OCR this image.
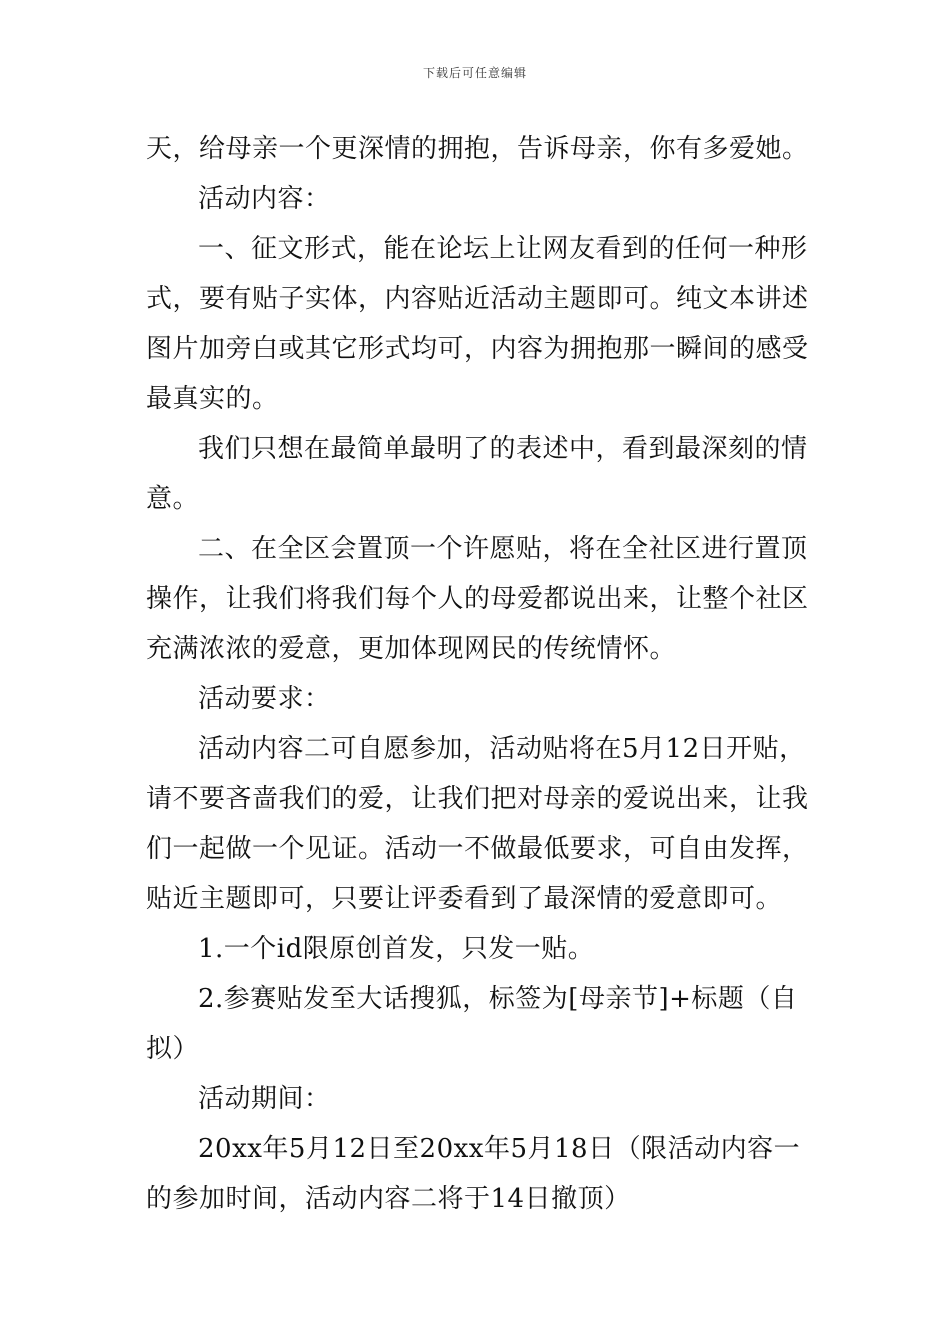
下载后可任意编辑
天，给母亲一个更深情的拥抱，告诉母亲，你有多爱她。
活动内容：
一、征文形式，能在论坛上让网友看到的任何一种形
式，要有贴子实体，内容贴近活动主题即可。纯文本讲述
图片加旁白或其它形式均可，内容为拥抱那一瞬间的感受
最真实的。
我们只想在最简单最明了的表述中，看到最深刻的情
意。
二、在全区会置顶一个许愿贴，将在全社区进行置顶
操作，让我们将我们每个人的母爱都说出来，让整个社区
充满浓浓的爱意，更加体现网民的传统情怀。
活动要求：
活动内容二可自愿参加，活动贴将在5月12日开贴，
请不要吝啬我们的爱，让我们把对母亲的爱说出来，让我
们一起做一个见证。活动一不做最低要求，可自由发挥，
贴近主题即可，只要让评委看到了最深情的爱意即可。
1.一个id限原创首发，只发一贴。
2.参赛贴发至大话搜狐，标签为[母亲节]+标题（自
拟）
活动期间：
20xx年5月12日至20xx年5月18日（限活动内容一
的参加时间，活动内容二将于14日撤顶）
